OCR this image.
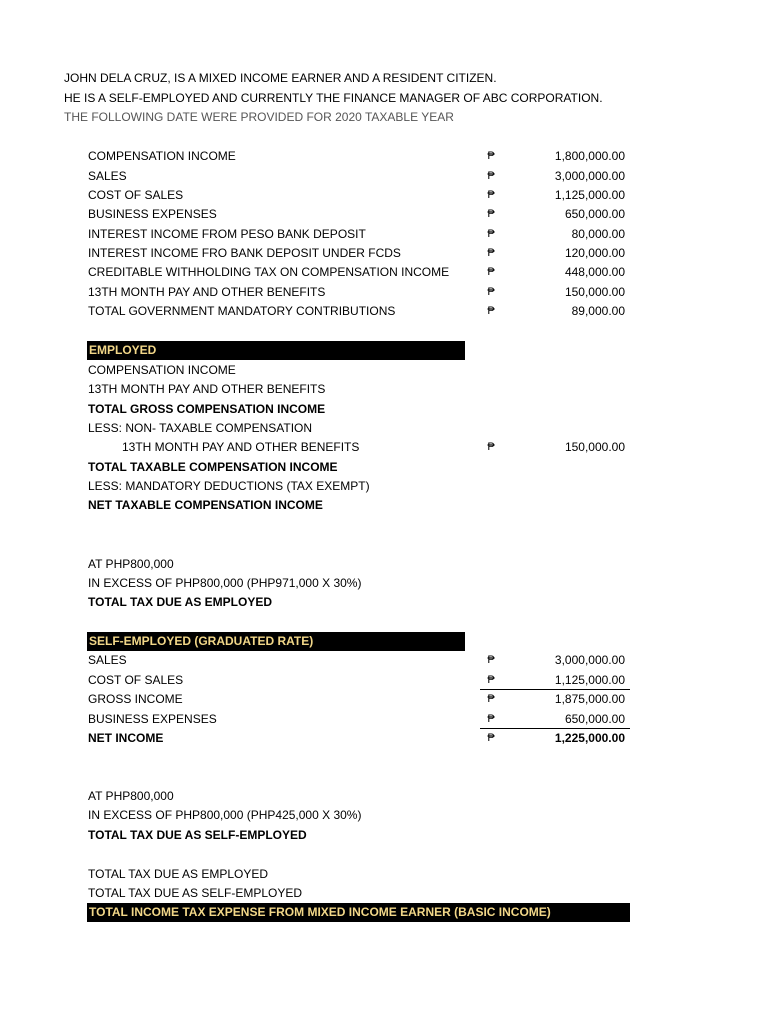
JOHN DELA CRUZ, IS A MIXED INCOME EARNER AND A RESIDENT CITIZEN.
HE IS A SELF-EMPLOYED AND CURRENTLY THE FINANCE MANAGER OF ABC CORPORATION.
THE FOLLOWING DATE WERE PROVIDED FOR 2020 TAXABLE YEAR
COMPENSATION INCOME	₱	1,800,000.00
SALES	₱	3,000,000.00
COST OF SALES	₱	1,125,000.00
BUSINESS EXPENSES	₱	650,000.00
INTEREST INCOME FROM PESO BANK DEPOSIT	₱	80,000.00
INTEREST INCOME FRO BANK DEPOSIT UNDER FCDS	₱	120,000.00
CREDITABLE WITHHOLDING TAX ON COMPENSATION INCOME	₱	448,000.00
13TH MONTH PAY AND OTHER BENEFITS	₱	150,000.00
TOTAL GOVERNMENT MANDATORY CONTRIBUTIONS	₱	89,000.00
EMPLOYED
COMPENSATION INCOME
13TH MONTH PAY AND OTHER BENEFITS
TOTAL GROSS COMPENSATION INCOME
LESS: NON- TAXABLE COMPENSATION
13TH MONTH PAY AND OTHER BENEFITS	₱	150,000.00
TOTAL TAXABLE COMPENSATION INCOME
LESS: MANDATORY DEDUCTIONS (TAX EXEMPT)
NET TAXABLE COMPENSATION INCOME
AT PHP800,000
IN EXCESS OF PHP800,000 (PHP971,000 X 30%)
TOTAL TAX DUE AS EMPLOYED
SELF-EMPLOYED (GRADUATED RATE)
SALES	₱	3,000,000.00
COST OF SALES	₱	1,125,000.00
GROSS INCOME	₱	1,875,000.00
BUSINESS EXPENSES	₱	650,000.00
NET INCOME	₱	1,225,000.00
AT PHP800,000
IN EXCESS OF PHP800,000 (PHP425,000 X 30%)
TOTAL TAX DUE AS SELF-EMPLOYED
TOTAL TAX DUE AS EMPLOYED
TOTAL TAX DUE AS SELF-EMPLOYED
TOTAL INCOME TAX EXPENSE FROM MIXED INCOME EARNER (BASIC INCOME)
